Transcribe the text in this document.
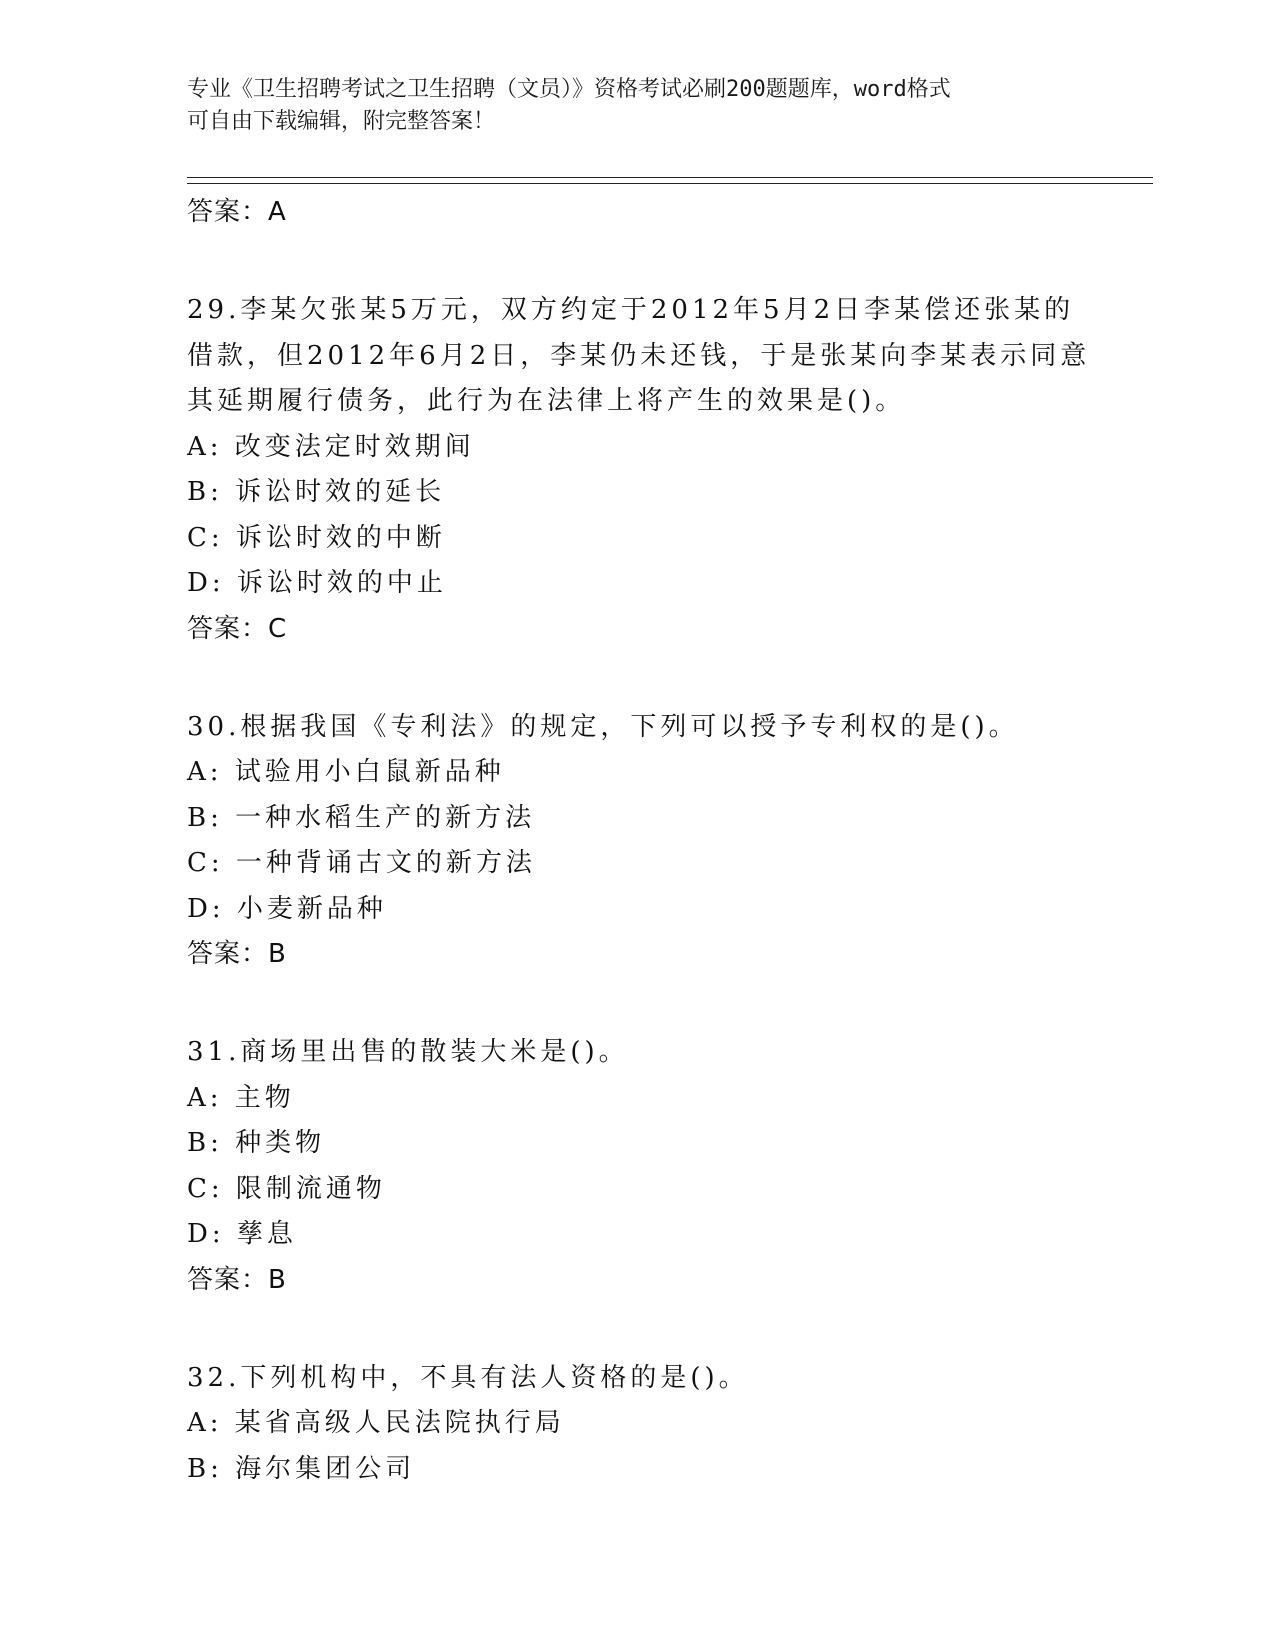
专业《卫生招聘考试之卫生招聘（文员）》资格考试必刷200题题库，word格式
可自由下载编辑，附完整答案！
答案：A
29.李某欠张某5万元，双方约定于2012年5月2日李某偿还张某的
借款，但2012年6月2日，李某仍未还钱，于是张某向李某表示同意
其延期履行债务，此行为在法律上将产生的效果是()。
A: 改变法定时效期间
B: 诉讼时效的延长
C: 诉讼时效的中断
D: 诉讼时效的中止
答案：C
30.根据我国《专利法》的规定，下列可以授予专利权的是()。
A: 试验用小白鼠新品种
B: 一种水稻生产的新方法
C: 一种背诵古文的新方法
D: 小麦新品种
答案：B
31.商场里出售的散装大米是()。
A: 主物
B: 种类物
C: 限制流通物
D: 孳息
答案：B
32.下列机构中，不具有法人资格的是()。
A: 某省高级人民法院执行局
B: 海尔集团公司
